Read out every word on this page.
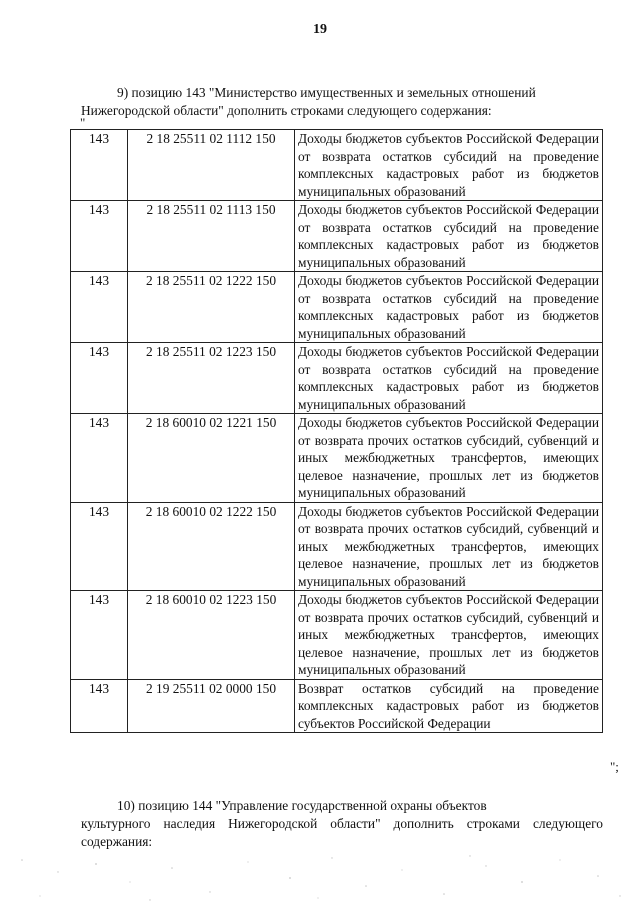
19
9) позицию 143 "Министерство имущественных и земельных отношений
Нижегородской области" дополнить строками следующего содержания:
"
143	2 18 25511 02 1112 150	Доходы бюджетов субъектов Российской Федерации от возврата остатков субсидий на проведение комплексных кадастровых работ из бюджетов муниципальных образований
143	2 18 25511 02 1113 150	Доходы бюджетов субъектов Российской Федерации от возврата остатков субсидий на проведение комплексных кадастровых работ из бюджетов муниципальных образований
143	2 18 25511 02 1222 150	Доходы бюджетов субъектов Российской Федерации от возврата остатков субсидий на проведение комплексных кадастровых работ из бюджетов муниципальных образований
143	2 18 25511 02 1223 150	Доходы бюджетов субъектов Российской Федерации от возврата остатков субсидий на проведение комплексных кадастровых работ из бюджетов муниципальных образований
143	2 18 60010 02 1221 150	Доходы бюджетов субъектов Российской Федерации от возврата прочих остатков субсидий, субвенций и иных межбюджетных трансфертов, имеющих целевое назначение, прошлых лет из бюджетов муниципальных образований
143	2 18 60010 02 1222 150	Доходы бюджетов субъектов Российской Федерации от возврата прочих остатков субсидий, субвенций и иных межбюджетных трансфертов, имеющих целевое назначение, прошлых лет из бюджетов муниципальных образований
143	2 18 60010 02 1223 150	Доходы бюджетов субъектов Российской Федерации от возврата прочих остатков субсидий, субвенций и иных межбюджетных трансфертов, имеющих целевое назначение, прошлых лет из бюджетов муниципальных образований
143	2 19 25511 02 0000 150	Возврат остатков субсидий на проведение комплексных кадастровых работ из бюджетов субъектов Российской Федерации
";
10) позицию 144 "Управление государственной охраны объектов
культурного наследия Нижегородской области" дополнить строками следующего содержания:
